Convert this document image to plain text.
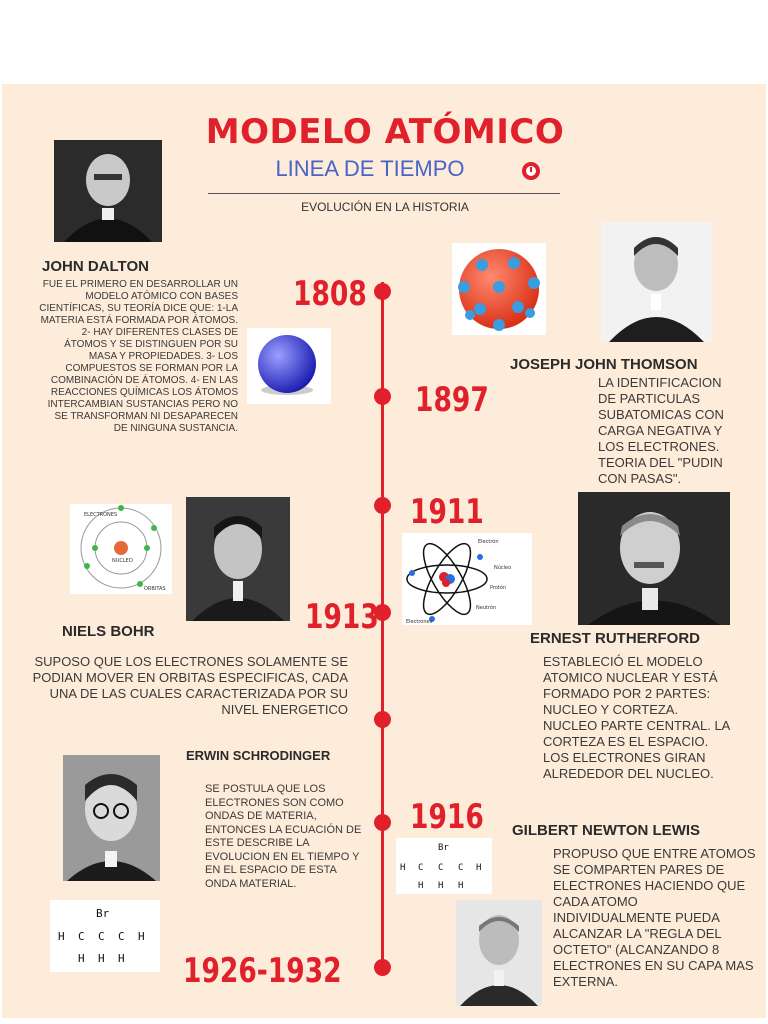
MODELO ATÓMICO
LINEA DE TIEMPO
EVOLUCIÓN EN LA HISTORIA
1808
1897
1911
1913
1916
1926-1932
JOHN DALTON
FUE EL PRIMERO EN DESARROLLAR UN MODELO ATÓMICO CON BASES CIENTÍFICAS, SU TEORÍA DICE QUE: 1-LA MATERIA ESTÁ FORMADA POR ÁTOMOS. 2- HAY DIFERENTES CLASES DE ÁTOMOS Y SE DISTINGUEN POR SU MASA Y PROPIEDADES. 3- LOS COMPUESTOS SE FORMAN POR LA COMBINACIÓN DE ÁTOMOS. 4- EN LAS REACCIONES QUÍMICAS LOS ÁTOMOS INTERCAMBIAN SUSTANCIAS PERO NO SE TRANSFORMAN NI DESAPARECEN DE NINGUNA SUSTANCIA.
JOSEPH JOHN THOMSON
LA IDENTIFICACION DE PARTICULAS SUBATOMICAS CON CARGA NEGATIVA Y LOS ELECTRONES. TEORIA DEL "PUDIN CON PASAS".
ELECTRONES
NUCLEO
ORBITAS
NIELS BOHR
SUPOSO QUE LOS ELECTRONES SOLAMENTE SE PODIAN MOVER EN ORBITAS ESPECIFICAS, CADA UNA DE LAS CUALES CARACTERIZADA POR SU NIVEL ENERGETICO
Electrón
Núcleo
Protón
Neutrón
Electrones
ERNEST RUTHERFORD
ESTABLECIÓ EL MODELO ATOMICO NUCLEAR Y ESTÁ FORMADO POR 2 PARTES: NUCLEO Y CORTEZA. NUCLEO PARTE CENTRAL. LA CORTEZA ES EL ESPACIO. LOS ELECTRONES GIRAN ALREDEDOR DEL NUCLEO.
ERWIN SCHRODINGER
SE POSTULA QUE LOS ELECTRONES SON COMO ONDAS DE MATERIA, ENTONCES LA ECUACIÓN DE ESTE DESCRIBE LA EVOLUCION EN EL TIEMPO Y EN EL ESPACIO DE ESTA ONDA MATERIAL.
Br
H C C C H
H H H
Br
H C C C H
H H H
GILBERT NEWTON LEWIS
PROPUSO QUE ENTRE ATOMOS SE COMPARTEN PARES DE ELECTRONES HACIENDO QUE CADA ATOMO INDIVIDUALMENTE PUEDA ALCANZAR LA "REGLA DEL OCTETO" (ALCANZANDO 8 ELECTRONES EN SU CAPA MAS EXTERNA.
